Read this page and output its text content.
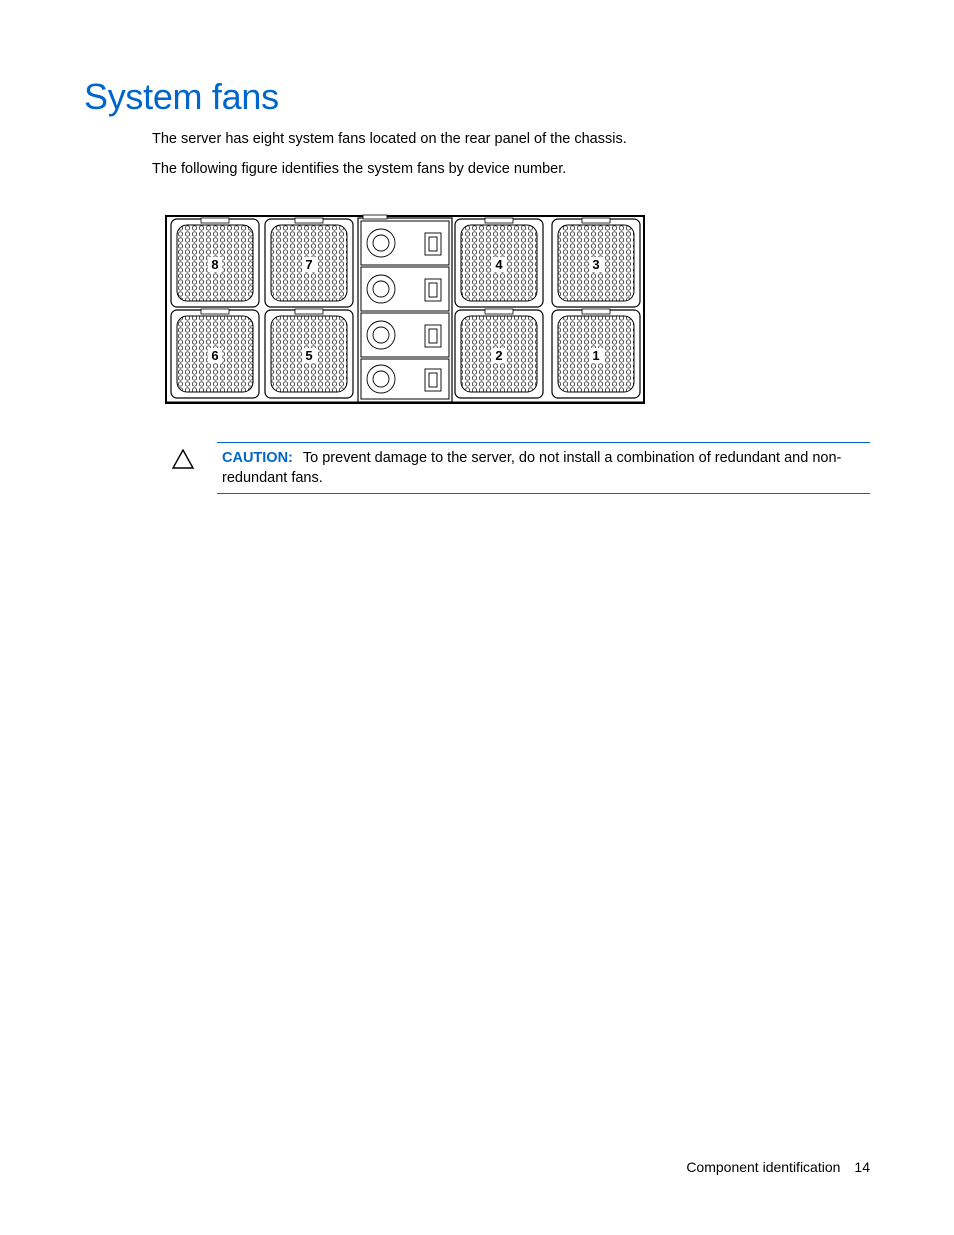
System fans

The server has eight system fans located on the rear panel of the chassis.

The following figure identifies the system fans by device number.

8	7	4	3
6	5	2	1

CAUTION: To prevent damage to the server, do not install a combination of redundant and non-redundant fans.

Component identification 14
